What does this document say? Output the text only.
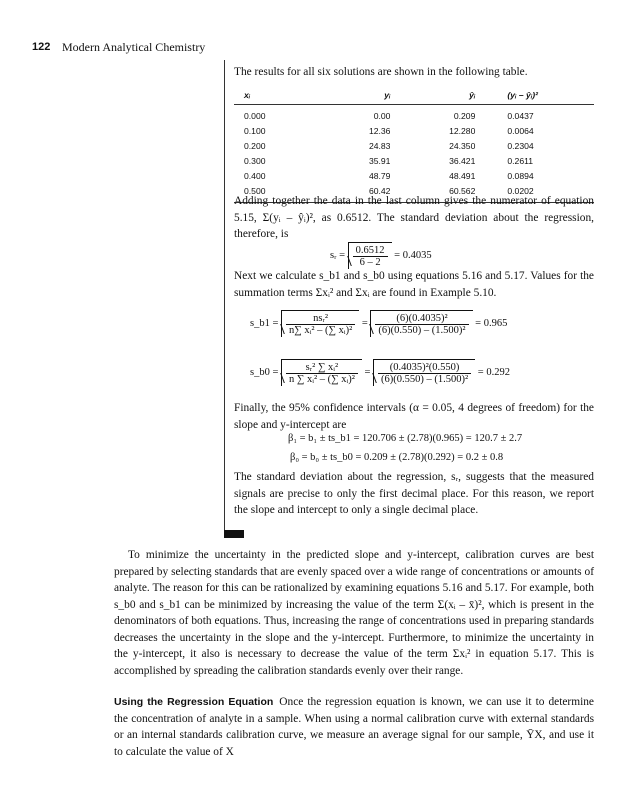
122 Modern Analytical Chemistry
The results for all six solutions are shown in the following table.
xᵢ	yᵢ	ŷᵢ	(yᵢ – ŷᵢ)²
0.000	0.00	0.209	0.0437
0.100	12.36	12.280	0.0064
0.200	24.83	24.350	0.2304
0.300	35.91	36.421	0.2611
0.400	48.79	48.491	0.0894
0.500	60.42	60.562	0.0202
Adding together the data in the last column gives the numerator of equation 5.15, Σ(yᵢ – ŷᵢ)², as 0.6512. The standard deviation about the regression, therefore, is
sᵣ = $\frac{0.6512}{6 - 2} = 0.4035$
Next we calculate s_b1 and s_b0 using equations 5.16 and 5.17. Values for the summation terms Σxᵢ² and Σxᵢ are found in Example 5.10.
s_b1 = $\frac{\text{nsᵣ²}}{\text{n∑ xᵢ² – (∑ xᵢ)²}} = \frac{\text{(6)(0.4035)²}}{\text{(6)(0.550) – (1.500)²}} = 0.965$
s_b0 = $\frac{\text{sᵣ² ∑ xᵢ²}}{\text{n ∑ xᵢ² – (∑ xᵢ)²}} = \frac{\text{(0.4035)²(0.550)}}{\text{(6)(0.550) – (1.500)²}} = 0.292$
Finally, the 95% confidence intervals (α = 0.05, 4 degrees of freedom) for the slope and y-intercept are
β₁ = b₁ ± ts_b1 = 120.706 ± (2.78)(0.965) = 120.7 ± 2.7
β₀ = b₀ ± ts_b0 = 0.209 ± (2.78)(0.292) = 0.2 ± 0.8
The standard deviation about the regression, sᵣ, suggests that the measured signals are precise to only the first decimal place. For this reason, we report the slope and intercept to only a single decimal place.
To minimize the uncertainty in the predicted slope and y-intercept, calibration curves are best prepared by selecting standards that are evenly spaced over a wide range of concentrations or amounts of analyte. The reason for this can be rationalized by examining equations 5.16 and 5.17. For example, both s_b0 and s_b1 can be minimized by increasing the value of the term Σ(xᵢ – x̄)², which is present in the denominators of both equations. Thus, increasing the range of concentrations used in preparing standards decreases the uncertainty in the slope and the y-intercept. Furthermore, to minimize the uncertainty in the y-intercept, it also is necessary to decrease the value of the term Σxᵢ² in equation 5.17. This is accomplished by spreading the calibration standards evenly over their range.
Using the Regression Equation Once the regression equation is known, we can use it to determine the concentration of analyte in a sample. When using a normal calibration curve with external standards or an internal standards calibration curve, we measure an average signal for our sample, ȲX, and use it to calculate the value of X
